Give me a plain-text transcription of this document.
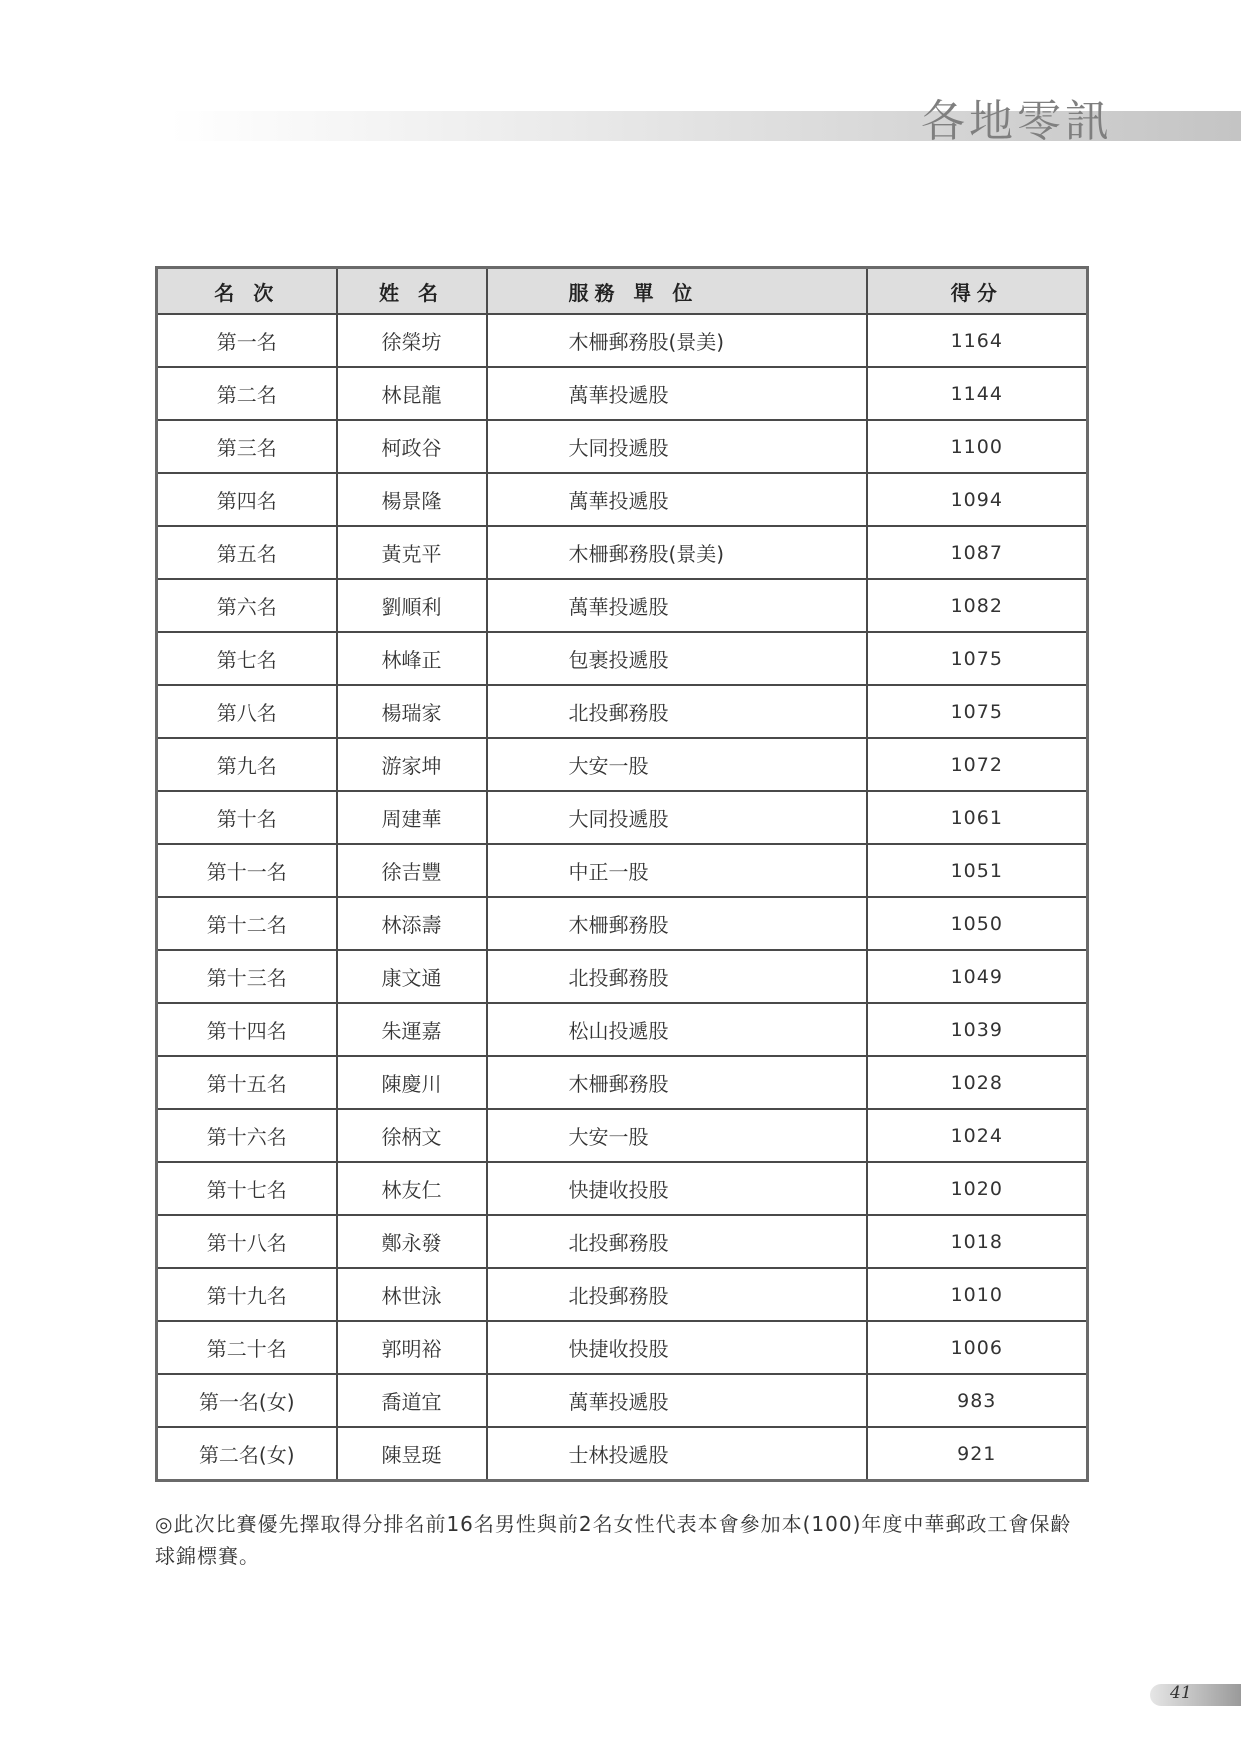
各地零訊
名 次	姓 名	服務 單 位	得分
第一名	徐榮坊	木柵郵務股(景美)	1164
第二名	林昆龍	萬華投遞股	1144
第三名	柯政谷	大同投遞股	1100
第四名	楊景隆	萬華投遞股	1094
第五名	黃克平	木柵郵務股(景美)	1087
第六名	劉順利	萬華投遞股	1082
第七名	林峰正	包裹投遞股	1075
第八名	楊瑞家	北投郵務股	1075
第九名	游家坤	大安一股	1072
第十名	周建華	大同投遞股	1061
第十一名	徐吉豐	中正一股	1051
第十二名	林添壽	木柵郵務股	1050
第十三名	康文通	北投郵務股	1049
第十四名	朱運嘉	松山投遞股	1039
第十五名	陳慶川	木柵郵務股	1028
第十六名	徐柄文	大安一股	1024
第十七名	林友仁	快捷收投股	1020
第十八名	鄭永發	北投郵務股	1018
第十九名	林世泳	北投郵務股	1010
第二十名	郭明裕	快捷收投股	1006
第一名(女)	喬道宜	萬華投遞股	983
第二名(女)	陳昱珽	士林投遞股	921
◎此次比賽優先擇取得分排名前16名男性與前2名女性代表本會參加本(100)年度中華郵政工會保齡球錦標賽。
41
